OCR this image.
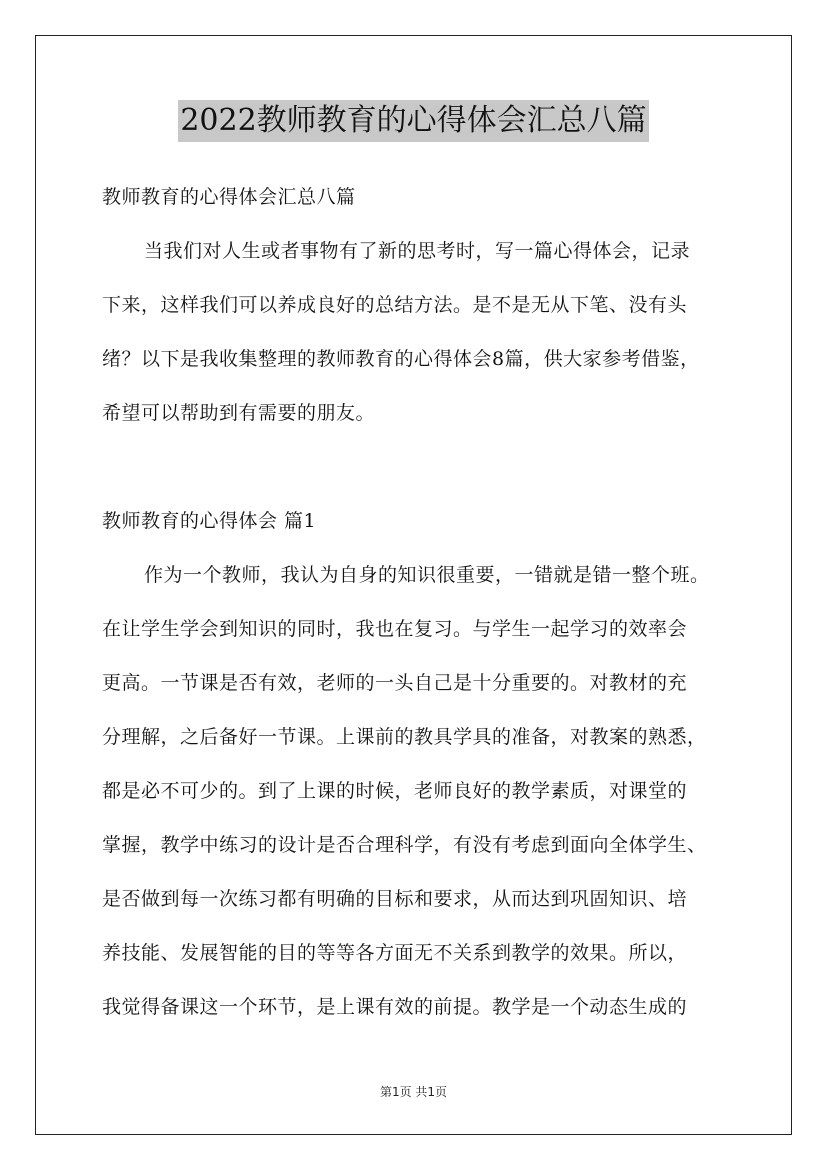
2022教师教育的心得体会汇总八篇
教师教育的心得体会汇总八篇
当我们对人生或者事物有了新的思考时，写一篇心得体会，记录
下来，这样我们可以养成良好的总结方法。是不是无从下笔、没有头
绪？以下是我收集整理的教师教育的心得体会8篇，供大家参考借鉴，
希望可以帮助到有需要的朋友。
教师教育的心得体会 篇1
作为一个教师，我认为自身的知识很重要，一错就是错一整个班。
在让学生学会到知识的同时，我也在复习。与学生一起学习的效率会
更高。一节课是否有效，老师的一头自己是十分重要的。对教材的充
分理解，之后备好一节课。上课前的教具学具的准备，对教案的熟悉，
都是必不可少的。到了上课的时候，老师良好的教学素质，对课堂的
掌握，教学中练习的设计是否合理科学，有没有考虑到面向全体学生、
是否做到每一次练习都有明确的目标和要求，从而达到巩固知识、培
养技能、发展智能的目的等等各方面无不关系到教学的效果。所以，
我觉得备课这一个环节，是上课有效的前提。教学是一个动态生成的
第1页 共1页
